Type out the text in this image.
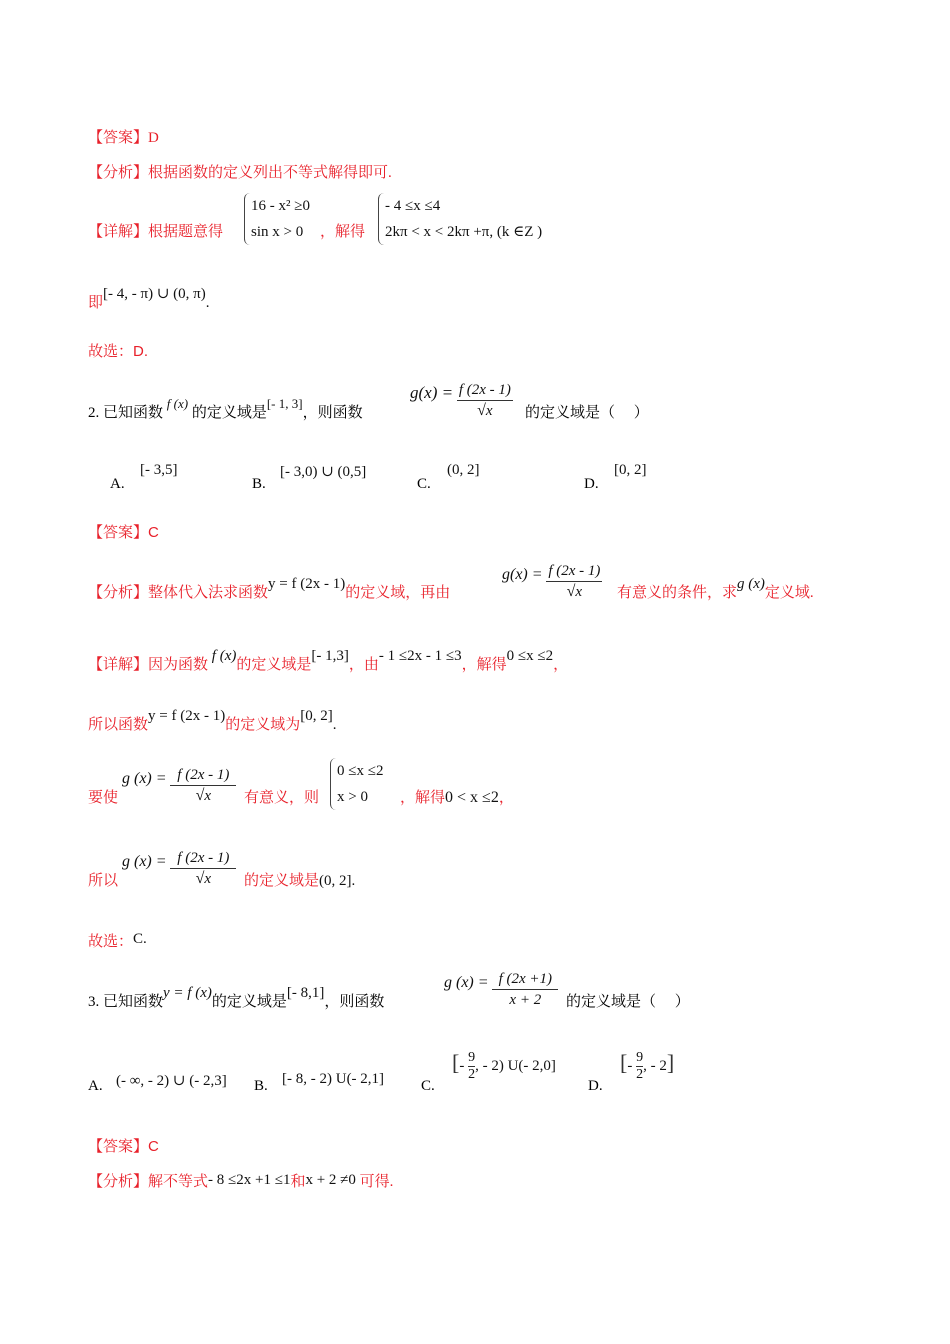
【答案】D
【分析】根据函数的定义列出不等式解得即可.
【详解】根据题意得
16 - x² ≥0
sin x > 0	，解得
- 4 ≤x ≤4
2kπ < x < 2kπ +π, (k ∈Z )
即[- 4, - π) ∪ (0, π).
故选：D.
2. 已知函数 f (x) 的定义域是[- 1, 3]，则函数
$g(x) = \frac{f (2x - 1)}{√x}$ 的定义域是（　 ）
A.
[- 3,5]
B.
[- 3,0) ∪ (0,5]
C.
(0, 2]
D.
[0, 2]
【答案】C
【分析】整体代入法求函数y = f (2x - 1)的定义域，再由
$g(x) = \frac{f (2x - 1)}{√x}$ 有意义的条件，求g (x)定义域.
【详解】因为函数 f (x)的定义域是[- 1,3]，由- 1 ≤2x - 1 ≤3，解得0 ≤x ≤2，
所以函数y = f (2x - 1)的定义域为[0, 2].
要使
g $(x) = \frac{f (2x - 1)}{√x}$ 有意义，则
0 ≤x ≤2
x > 0	，解得0 < x ≤2，
所以
g $(x) = \frac{f (2x - 1)}{√x}$ 的定义域是(0, 2].
故选：C.
3. 已知函数y = f (x)的定义域是[- 8,1]，则函数
g $(x) = \frac{f (2x +1)}{x + 2}$ 的定义域是（　 ）
A. (- ∞, - 2) ∪ (- 2,3] B. [- 8, - 2) U(- 2,1] C.
[- $\frac{9}{2}$, - 2) U(- 2,0]
D.
[- $\frac{9}{2}$, - 2]
【答案】C
【分析】解不等式- 8 ≤2x +1 ≤1和x + 2 ≠0 可得.
